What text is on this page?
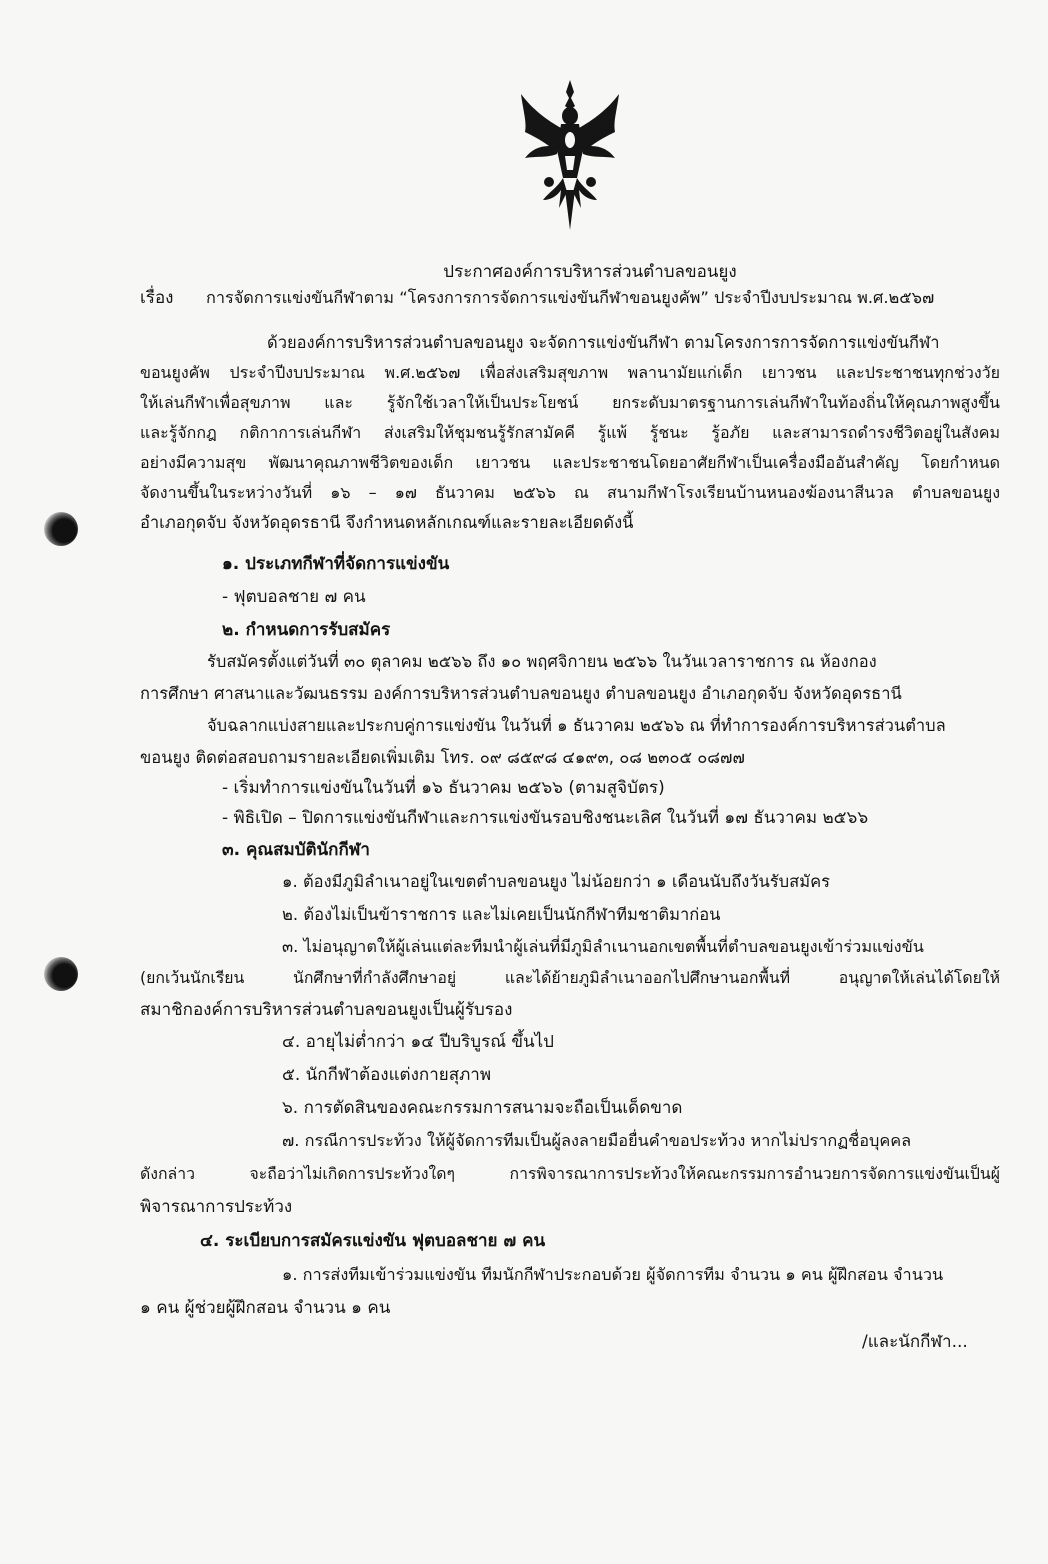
ประกาศองค์การบริหารส่วนตำบลขอนยูง
เรื่อง การจัดการแข่งขันกีฬาตาม “โครงการการจัดการแข่งขันกีฬาขอนยูงคัพ” ประจำปีงบประมาณ พ.ศ.๒๕๖๗
ด้วยองค์การบริหารส่วนตำบลขอนยูง จะจัดการแข่งขันกีฬา ตามโครงการการจัดการแข่งขันกีฬา
ขอนยูงคัพ ประจำปีงบประมาณ พ.ศ.๒๕๖๗ เพื่อส่งเสริมสุขภาพ พลานามัยแก่เด็ก เยาวชน และประชาชนทุกช่วงวัย
ให้เล่นกีฬาเพื่อสุขภาพ และ รู้จักใช้เวลาให้เป็นประโยชน์ ยกระดับมาตรฐานการเล่นกีฬาในท้องถิ่นให้คุณภาพสูงขึ้น
และรู้จักกฎ กติกาการเล่นกีฬา ส่งเสริมให้ชุมชนรู้รักสามัคคี รู้แพ้ รู้ชนะ รู้อภัย และสามารถดำรงชีวิตอยู่ในสังคม
อย่างมีความสุข พัฒนาคุณภาพชีวิตของเด็ก เยาวชน และประชาชนโดยอาศัยกีฬาเป็นเครื่องมืออันสำคัญ โดยกำหนด
จัดงานขึ้นในระหว่างวันที่ ๑๖ – ๑๗ ธันวาคม ๒๕๖๖ ณ สนามกีฬาโรงเรียนบ้านหนองฆ้องนาสีนวล ตำบลขอนยูง
อำเภอกุดจับ จังหวัดอุดรธานี จึงกำหนดหลักเกณฑ์และรายละเอียดดังนี้
๑. ประเภทกีฬาที่จัดการแข่งขัน
- ฟุตบอลชาย ๗ คน
๒. กำหนดการรับสมัคร
รับสมัครตั้งแต่วันที่ ๓๐ ตุลาคม ๒๕๖๖ ถึง ๑๐ พฤศจิกายน ๒๕๖๖ ในวันเวลาราชการ ณ ห้องกอง
การศึกษา ศาสนาและวัฒนธรรม องค์การบริหารส่วนตำบลขอนยูง ตำบลขอนยูง อำเภอกุดจับ จังหวัดอุดรธานี
จับฉลากแบ่งสายและประกบคู่การแข่งขัน ในวันที่ ๑ ธันวาคม ๒๕๖๖ ณ ที่ทำการองค์การบริหารส่วนตำบล
ขอนยูง ติดต่อสอบถามรายละเอียดเพิ่มเติม โทร. ๐๙ ๘๕๙๘ ๔๑๙๓, ๐๘ ๒๓๐๕ ๐๘๗๗
- เริ่มทำการแข่งขันในวันที่ ๑๖ ธันวาคม ๒๕๖๖ (ตามสูจิบัตร)
- พิธิเปิด – ปิดการแข่งขันกีฬาและการแข่งขันรอบชิงชนะเลิศ ในวันที่ ๑๗ ธันวาคม ๒๕๖๖
๓. คุณสมบัตินักกีฬา
๑. ต้องมีภูมิลำเนาอยู่ในเขตตำบลขอนยูง ไม่น้อยกว่า ๑ เดือนนับถึงวันรับสมัคร
๒. ต้องไม่เป็นข้าราชการ และไม่เคยเป็นนักกีฬาทีมชาติมาก่อน
๓. ไม่อนุญาตให้ผู้เล่นแต่ละทีมนำผู้เล่นที่มีภูมิลำเนานอกเขตพื้นที่ตำบลขอนยูงเข้าร่วมแข่งขัน
(ยกเว้นนักเรียน นักศึกษาที่กำลังศึกษาอยู่ และได้ย้ายภูมิลำเนาออกไปศึกษานอกพื้นที่ อนุญาตให้เล่นได้โดยให้
สมาชิกองค์การบริหารส่วนตำบลขอนยูงเป็นผู้รับรอง
๔. อายุไม่ต่ำกว่า ๑๔ ปีบริบูรณ์ ขึ้นไป
๕. นักกีฬาต้องแต่งกายสุภาพ
๖. การตัดสินของคณะกรรมการสนามจะถือเป็นเด็ดขาด
๗. กรณีการประท้วง ให้ผู้จัดการทีมเป็นผู้ลงลายมือยื่นคำขอประท้วง หากไม่ปรากฏชื่อบุคคล
ดังกล่าว จะถือว่าไม่เกิดการประท้วงใดๆ การพิจารณาการประท้วงให้คณะกรรมการอำนวยการจัดการแข่งขันเป็นผู้
พิจารณาการประท้วง
๔. ระเบียบการสมัครแข่งขัน ฟุตบอลชาย ๗ คน
๑. การส่งทีมเข้าร่วมแข่งขัน ทีมนักกีฬาประกอบด้วย ผู้จัดการทีม จำนวน ๑ คน ผู้ฝึกสอน จำนวน
๑ คน ผู้ช่วยผู้ฝึกสอน จำนวน ๑ คน
/และนักกีฬา...
